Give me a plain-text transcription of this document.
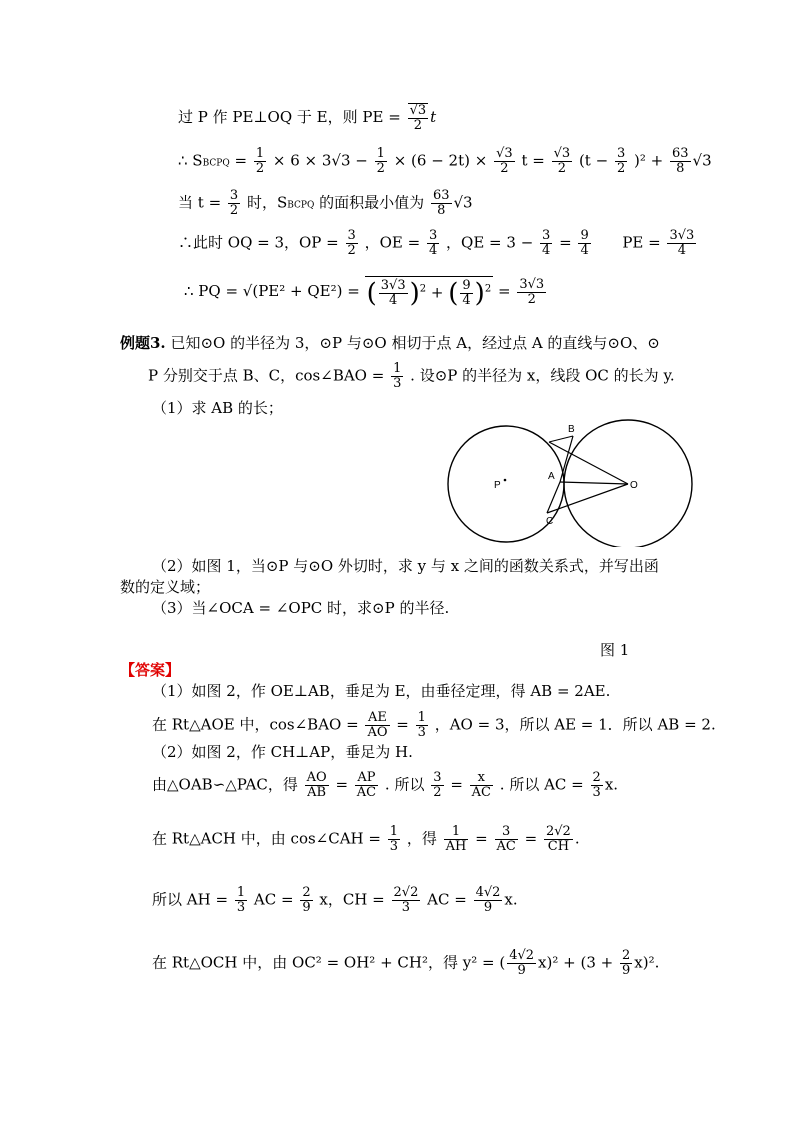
过 P 作 PE⊥OQ 于 E，则 PE = $\frac{√3}{2}$ t
∴ SBCPQ = $\frac{1}{2} \times 6 \times 3√3 - \frac{1}{2} \times (6 - 2t) \times \frac{√3}{2}$ $t = \frac{√3}{2} (t - \frac{3}{2} )^2 + \frac{63}{8} √3$
当 $t = \frac{3}{2}$ 时，SBCPQ 的面积最小值为 $\frac{63}{8} √3$
∴此时 OQ = 3，OP = $\frac{3}{2}$ ，OE = $\frac{3}{4}$ ，QE = $3 - \frac{3}{4} = \frac{9}{4}$ PE = $\frac{3√3}{4}$
∴ PQ = √(PE² + QE²) = ( $\frac{3√3}{4} )^2$ + ( $\frac{9}{4} )^2 = \frac{3√3}{2}$
例题3. 已知⊙O 的半径为 3，⊙P 与⊙O 相切于点 A，经过点 A 的直线与⊙O、⊙
P 分别交于点 B、C，cos∠BAO = $\frac{1}{3}$ . 设⊙P 的半径为 x，线段 OC 的长为 y.
（1）求 AB 的长；
B
A
C
O
P
（2）如图 1，当⊙P 与⊙O 外切时，求 y 与 x 之间的函数关系式，并写出函
数的定义域；
（3）当∠OCA = ∠OPC 时，求⊙P 的半径.
图 1
【答案】
（1）如图 2，作 OE⊥AB，垂足为 E，由垂径定理，得 AB = 2AE.
在 Rt△AOE 中，cos∠BAO = $\frac{AE}{AO} = \frac{1}{3}$ ，AO = 3，所以 AE = 1．所以 AB = 2.
（2）如图 2，作 CH⊥AP，垂足为 H.
由△OAB∽△PAC，得 $\frac{AO}{AB} = \frac{AP}{AC}$ . 所以 $\frac{3}{2} = \frac{x}{AC}$ . 所以 AC = $\frac{2}{3} x$.
在 Rt△ACH 中，由 cos∠CAH = $\frac{1}{3}$ ，得 $\frac{1}{AH} = \frac{3}{AC} = \frac{2√2}{CH}$ .
所以 AH = $\frac{1}{3}$ AC = $\frac{2}{9}$ x，CH = $\frac{2√2}{3}$ AC = $\frac{4√2}{9} x$.
在 Rt△OCH 中，由 OC² = OH² + CH²，得 y² = ( $\frac{4√2}{9} x)^2 + (3 + \frac{2}{9} x)^2$.
